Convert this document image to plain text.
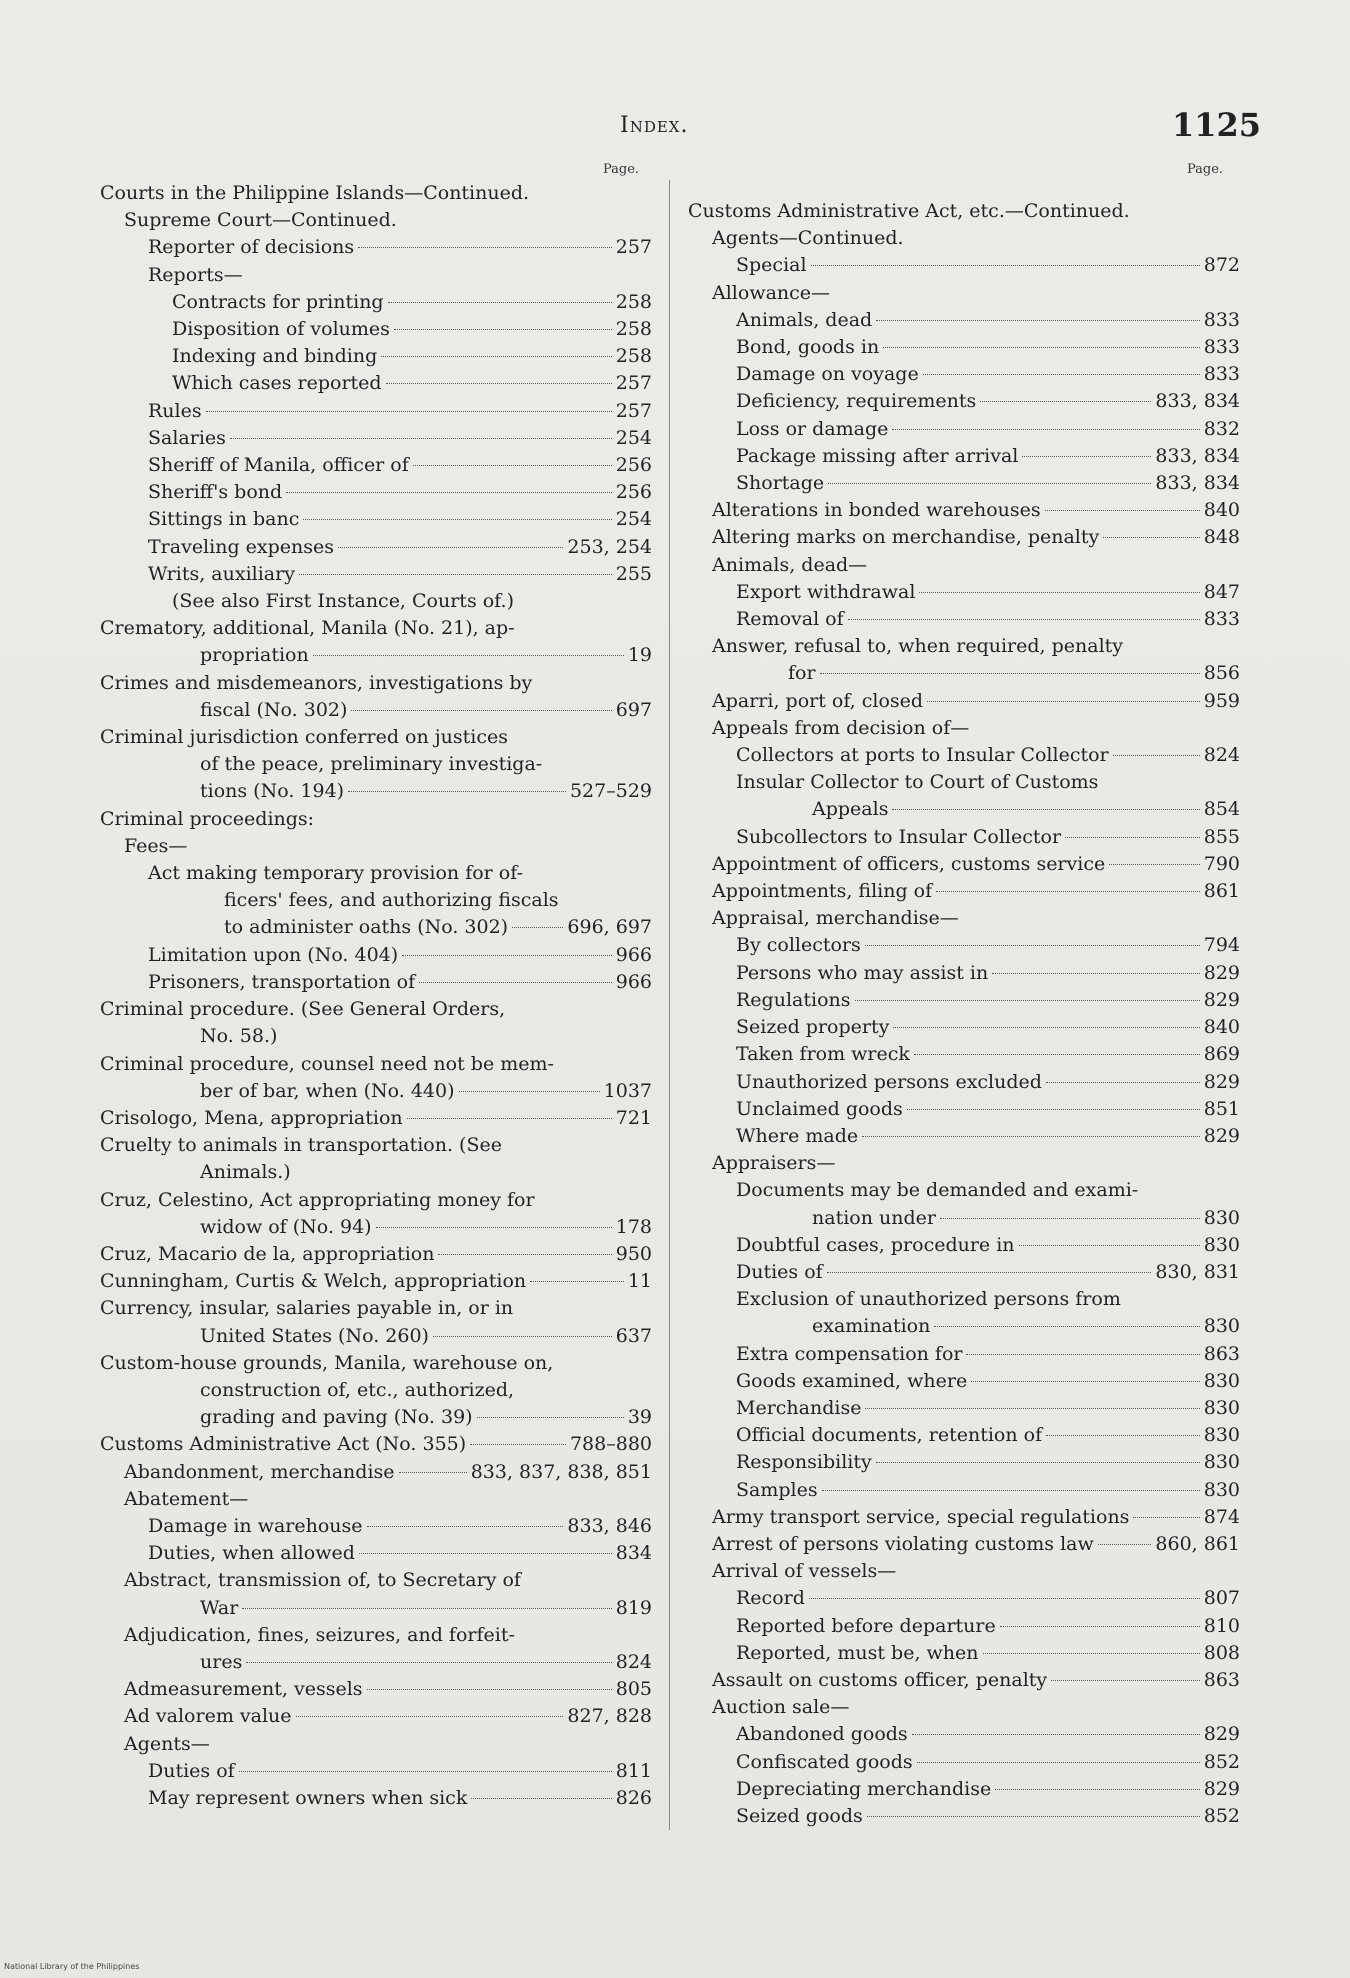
Index.	1125
Page.
Courts in the Philippine Islands—Continued.
Supreme Court—Continued.
Reporter of decisions	257
Reports—
Contracts for printing	258
Disposition of volumes	258
Indexing and binding	258
Which cases reported	257
Rules	257
Salaries	254
Sheriff of Manila, officer of	256
Sheriff's bond	256
Sittings in banc	254
Traveling expenses	253, 254
Writs, auxiliary	255
(See also First Instance, Courts of.)
Crematory, additional, Manila (No. 21), ap-
propriation	19
Crimes and misdemeanors, investigations by
fiscal (No. 302)	697
Criminal jurisdiction conferred on justices
of the peace, preliminary investiga-
tions (No. 194)	527–529
Criminal proceedings:
Fees—
Act making temporary provision for of-
ficers' fees, and authorizing fiscals
to administer oaths (No. 302)	696, 697
Limitation upon (No. 404)	966
Prisoners, transportation of	966
Criminal procedure. (See General Orders,
No. 58.)
Criminal procedure, counsel need not be mem-
ber of bar, when (No. 440)	1037
Crisologo, Mena, appropriation	721
Cruelty to animals in transportation. (See
Animals.)
Cruz, Celestino, Act appropriating money for
widow of (No. 94)	178
Cruz, Macario de la, appropriation	950
Cunningham, Curtis & Welch, appropriation	11
Currency, insular, salaries payable in, or in
United States (No. 260)	637
Custom-house grounds, Manila, warehouse on,
construction of, etc., authorized,
grading and paving (No. 39)	39
Customs Administrative Act (No. 355)	788–880
Abandonment, merchandise	833, 837, 838, 851
Abatement—
Damage in warehouse	833, 846
Duties, when allowed	834
Abstract, transmission of, to Secretary of
War	819
Adjudication, fines, seizures, and forfeit-
ures	824
Admeasurement, vessels	805
Ad valorem value	827, 828
Agents—
Duties of	811
May represent owners when sick	826
Page.
Customs Administrative Act, etc.—Continued.
Agents—Continued.
Special	872
Allowance—
Animals, dead	833
Bond, goods in	833
Damage on voyage	833
Deficiency, requirements	833, 834
Loss or damage	832
Package missing after arrival	833, 834
Shortage	833, 834
Alterations in bonded warehouses	840
Altering marks on merchandise, penalty	848
Animals, dead—
Export withdrawal	847
Removal of	833
Answer, refusal to, when required, penalty
for	856
Aparri, port of, closed	959
Appeals from decision of—
Collectors at ports to Insular Collector	824
Insular Collector to Court of Customs
Appeals	854
Subcollectors to Insular Collector	855
Appointment of officers, customs service	790
Appointments, filing of	861
Appraisal, merchandise—
By collectors	794
Persons who may assist in	829
Regulations	829
Seized property	840
Taken from wreck	869
Unauthorized persons excluded	829
Unclaimed goods	851
Where made	829
Appraisers—
Documents may be demanded and exami-
nation under	830
Doubtful cases, procedure in	830
Duties of	830, 831
Exclusion of unauthorized persons from
examination	830
Extra compensation for	863
Goods examined, where	830
Merchandise	830
Official documents, retention of	830
Responsibility	830
Samples	830
Army transport service, special regulations	874
Arrest of persons violating customs law	860, 861
Arrival of vessels—
Record	807
Reported before departure	810
Reported, must be, when	808
Assault on customs officer, penalty	863
Auction sale—
Abandoned goods	829
Confiscated goods	852
Depreciating merchandise	829
Seized goods	852
National Library of the Philippines
